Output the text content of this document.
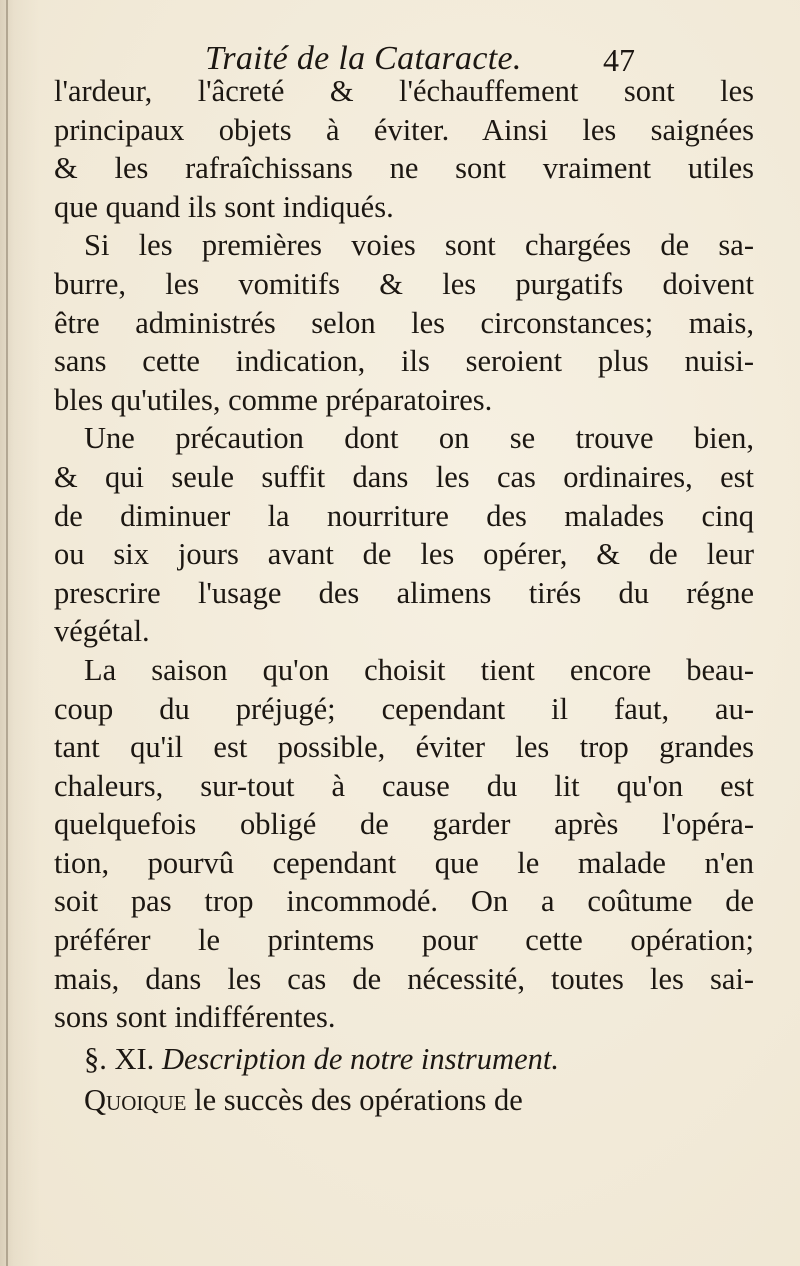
Traité de la Cataracte.	47
l'ardeur, l'âcreté & l'échauffement sont les
principaux objets à éviter. Ainsi les saignées
& les rafraîchissans ne sont vraiment utiles
que quand ils sont indiqués.
Si les premières voies sont chargées de sa-
burre, les vomitifs & les purgatifs doivent
être administrés selon les circonstances; mais,
sans cette indication, ils seroient plus nuisi-
bles qu'utiles, comme préparatoires.
Une précaution dont on se trouve bien,
& qui seule suffit dans les cas ordinaires, est
de diminuer la nourriture des malades cinq
ou six jours avant de les opérer, & de leur
prescrire l'usage des alimens tirés du régne
végétal.
La saison qu'on choisit tient encore beau-
coup du préjugé; cependant il faut, au-
tant qu'il est possible, éviter les trop grandes
chaleurs, sur-tout à cause du lit qu'on est
quelquefois obligé de garder après l'opéra-
tion, pourvû cependant que le malade n'en
soit pas trop incommodé. On a coûtume de
préférer le printems pour cette opération;
mais, dans les cas de nécessité, toutes les sai-
sons sont indifférentes.
§. XI. Description de notre instrument.
Quoique le succès des opérations de
